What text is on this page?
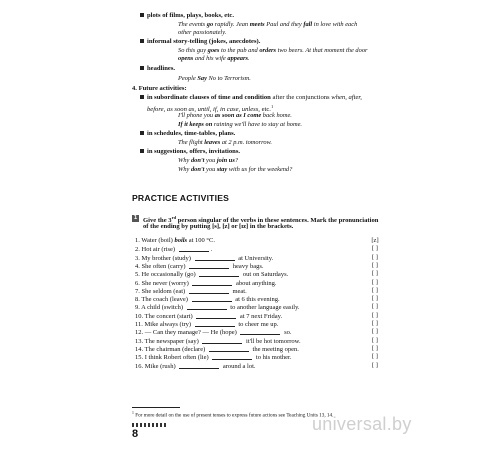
plots of films, plays, books, etc.
The events go rapidly. Jean meets Paul and they fall in love with each
other passionately.
informal story-telling (jokes, anecdotes).
So this guy goes to the pub and orders two beers. At that moment the door
opens and his wife appears.
headlines.
People Say No to Terrorism.
4. Future activities:
in subordinate clauses of time and condition after the conjunctions when, after,
before, as soon as, until, if, in case, unless, etc.$^1$
I'll phone you as soon as I come back home.
If it keeps on raining we'll have to stay at home.
in schedules, time-tables, plans.
The flight leaves at 2 p.m. tomorrow.
in suggestions, offers, invitations.
Why don't you join us?
Why don't you stay with us for the weekend?
PRACTICE ACTIVITIES
1 Give the 3rd person singular of the verbs in these sentences. Mark the pronunciation
of the ending by putting [s], [z] or [ɪz] in the brackets.
1. Water (boil) boils at 100 °C.	[z]
2. Hot air (rise)	.	[ ]
3. My brother (study)	at University.	[ ]
4. She often (carry)	heavy bags.	[ ]
5. He occasionally (go)	out on Saturdays.	[ ]
6. She never (worry)	about anything.	[ ]
7. She seldom (eat)	meat.	[ ]
8. The coach (leave)	at 6 this evening.	[ ]
9. A child (switch)	to another language easily.	[ ]
10. The concert (start)	at 7 next Friday.	[ ]
11. Mike always (try)	to cheer me up.	[ ]
12. — Can they manage? — He (hope)	so.	[ ]
13. The newspaper (say)	it'll be hot tomorrow.	[ ]
14. The chairman (declare)	the meeting open.	[ ]
15. I think Robert often (lie)	to his mother.	[ ]
16. Mike (rush)	around a lot.	[ ]
$^1$ For more detail on the use of present tenses to express future actions see Teaching Units 13, 14.
8	universal.by
